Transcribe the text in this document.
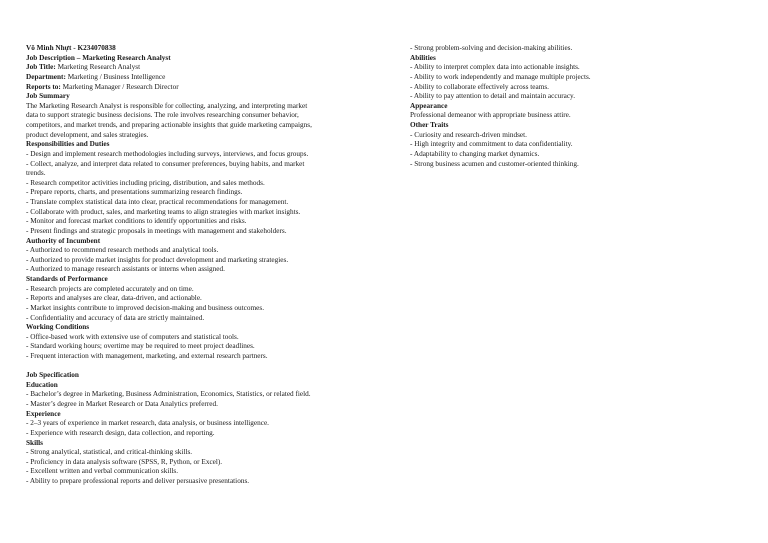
Võ Minh Nhựt - K234070838
Job Description – Marketing Research Analyst
Job Title: Marketing Research Analyst
Department: Marketing / Business Intelligence
Reports to: Marketing Manager / Research Director
Job Summary
The Marketing Research Analyst is responsible for collecting, analyzing, and interpreting market
data to support strategic business decisions. The role involves researching consumer behavior,
competitors, and market trends, and preparing actionable insights that guide marketing campaigns,
product development, and sales strategies.
Responsibilities and Duties
- Design and implement research methodologies including surveys, interviews, and focus groups.
- Collect, analyze, and interpret data related to consumer preferences, buying habits, and market
trends.
- Research competitor activities including pricing, distribution, and sales methods.
- Prepare reports, charts, and presentations summarizing research findings.
- Translate complex statistical data into clear, practical recommendations for management.
- Collaborate with product, sales, and marketing teams to align strategies with market insights.
- Monitor and forecast market conditions to identify opportunities and risks.
- Present findings and strategic proposals in meetings with management and stakeholders.
Authority of Incumbent
- Authorized to recommend research methods and analytical tools.
- Authorized to provide market insights for product development and marketing strategies.
- Authorized to manage research assistants or interns when assigned.
Standards of Performance
- Research projects are completed accurately and on time.
- Reports and analyses are clear, data-driven, and actionable.
- Market insights contribute to improved decision-making and business outcomes.
- Confidentiality and accuracy of data are strictly maintained.
Working Conditions
- Office-based work with extensive use of computers and statistical tools.
- Standard working hours; overtime may be required to meet project deadlines.
- Frequent interaction with management, marketing, and external research partners.
Job Specification
Education
- Bachelor’s degree in Marketing, Business Administration, Economics, Statistics, or related field.
- Master’s degree in Market Research or Data Analytics preferred.
Experience
- 2–3 years of experience in market research, data analysis, or business intelligence.
- Experience with research design, data collection, and reporting.
Skills
- Strong analytical, statistical, and critical-thinking skills.
- Proficiency in data analysis software (SPSS, R, Python, or Excel).
- Excellent written and verbal communication skills.
- Ability to prepare professional reports and deliver persuasive presentations.
- Strong problem-solving and decision-making abilities.
Abilities
- Ability to interpret complex data into actionable insights.
- Ability to work independently and manage multiple projects.
- Ability to collaborate effectively across teams.
- Ability to pay attention to detail and maintain accuracy.
Appearance
Professional demeanor with appropriate business attire.
Other Traits
- Curiosity and research-driven mindset.
- High integrity and commitment to data confidentiality.
- Adaptability to changing market dynamics.
- Strong business acumen and customer-oriented thinking.
